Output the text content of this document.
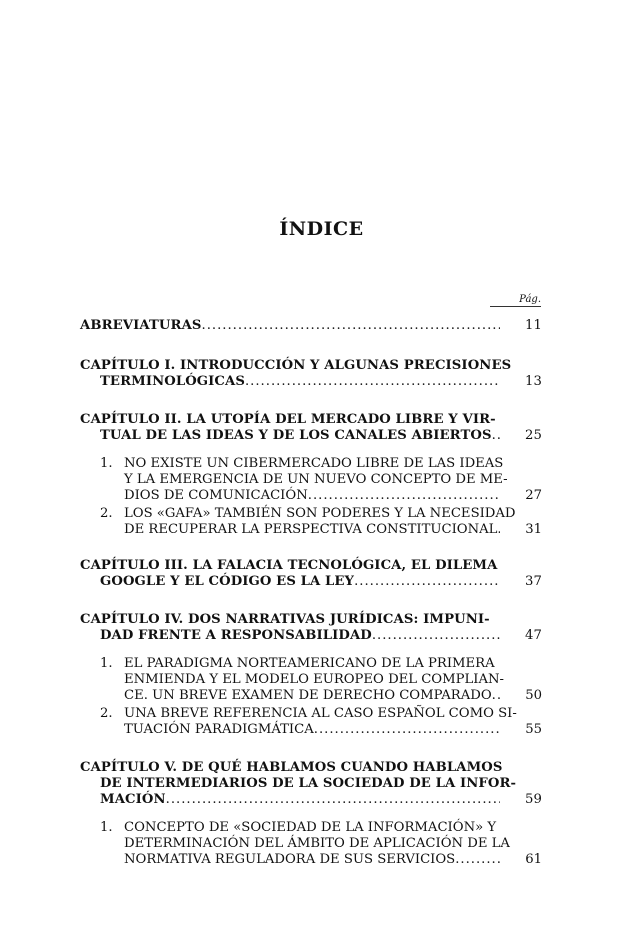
ÍNDICE
Pág.
ABREVIATURAS .....	11
CAPÍTULO I. INTRODUCCIÓN Y ALGUNAS PRECISIONES
TERMINOLÓGICAS .....	13
CAPÍTULO II. LA UTOPÍA DEL MERCADO LIBRE Y VIR-
TUAL DE LAS IDEAS Y DE LOS CANALES ABIERTOS .....	25
1. NO EXISTE UN CIBERMERCADO LIBRE DE LAS IDEAS
Y LA EMERGENCIA DE UN NUEVO CONCEPTO DE ME-
DIOS DE COMUNICACIÓN .....	27
2. LOS «GAFA» TAMBIÉN SON PODERES Y LA NECESIDAD
DE RECUPERAR LA PERSPECTIVA CONSTITUCIONAL .....	31
CAPÍTULO III. LA FALACIA TECNOLÓGICA, EL DILEMA
GOOGLE Y EL CÓDIGO ES LA LEY .....	37
CAPÍTULO IV. DOS NARRATIVAS JURÍDICAS: IMPUNI-
DAD FRENTE A RESPONSABILIDAD .....	47
1. EL PARADIGMA NORTEAMERICANO DE LA PRIMERA
ENMIENDA Y EL MODELO EUROPEO DEL COMPLIAN-
CE. UN BREVE EXAMEN DE DERECHO COMPARADO .....	50
2. UNA BREVE REFERENCIA AL CASO ESPAÑOL COMO SI-
TUACIÓN PARADIGMÁTICA .....	55
CAPÍTULO V. DE QUÉ HABLAMOS CUANDO HABLAMOS
DE INTERMEDIARIOS DE LA SOCIEDAD DE LA INFOR-
MACIÓN .....	59
1. CONCEPTO DE «SOCIEDAD DE LA INFORMACIÓN» Y
DETERMINACIÓN DEL ÁMBITO DE APLICACIÓN DE LA
NORMATIVA REGULADORA DE SUS SERVICIOS .....	61
